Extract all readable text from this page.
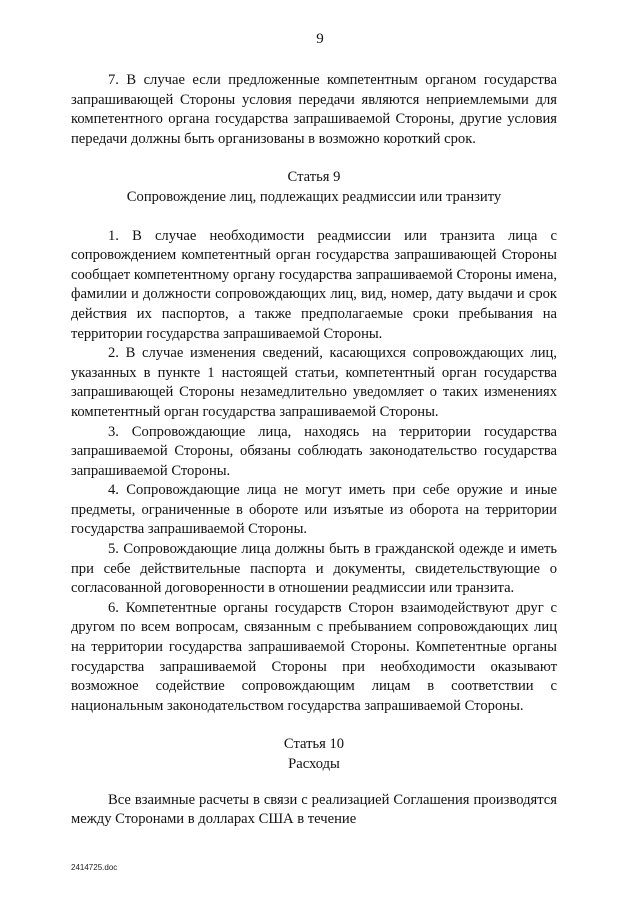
9

7. В случае если предложенные компетентным органом государства запрашивающей Стороны условия передачи являются неприемлемыми для компетентного органа государства запрашиваемой Стороны, другие условия передачи должны быть организованы в возможно короткий срок.

Статья 9

Сопровождение лиц, подлежащих реадмиссии или транзиту

1. В случае необходимости реадмиссии или транзита лица с сопровождением компетентный орган государства запрашивающей Стороны сообщает компетентному органу государства запрашиваемой Стороны имена, фамилии и должности сопровождающих лиц, вид, номер, дату выдачи и срок действия их паспортов, а также предполагаемые сроки пребывания на территории государства запрашиваемой Стороны.

2. В случае изменения сведений, касающихся сопровождающих лиц, указанных в пункте 1 настоящей статьи, компетентный орган государства запрашивающей Стороны незамедлительно уведомляет о таких изменениях компетентный орган государства запрашиваемой Стороны.

3. Сопровождающие лица, находясь на территории государства запрашиваемой Стороны, обязаны соблюдать законодательство государства запрашиваемой Стороны.

4. Сопровождающие лица не могут иметь при себе оружие и иные предметы, ограниченные в обороте или изъятые из оборота на территории государства запрашиваемой Стороны.

5. Сопровождающие лица должны быть в гражданской одежде и иметь при себе действительные паспорта и документы, свидетельствующие о согласованной договоренности в отношении реадмиссии или транзита.

6. Компетентные органы государств Сторон взаимодействуют друг с другом по всем вопросам, связанным с пребыванием сопровождающих лиц на территории государства запрашиваемой Стороны. Компетентные органы государства запрашиваемой Стороны при необходимости оказывают возможное содействие сопровождающим лицам в соответствии с национальным законодательством государства запрашиваемой Стороны.

Статья 10

Расходы

Все взаимные расчеты в связи с реализацией Соглашения производятся между Сторонами в долларах США в течение

2414725.doc
